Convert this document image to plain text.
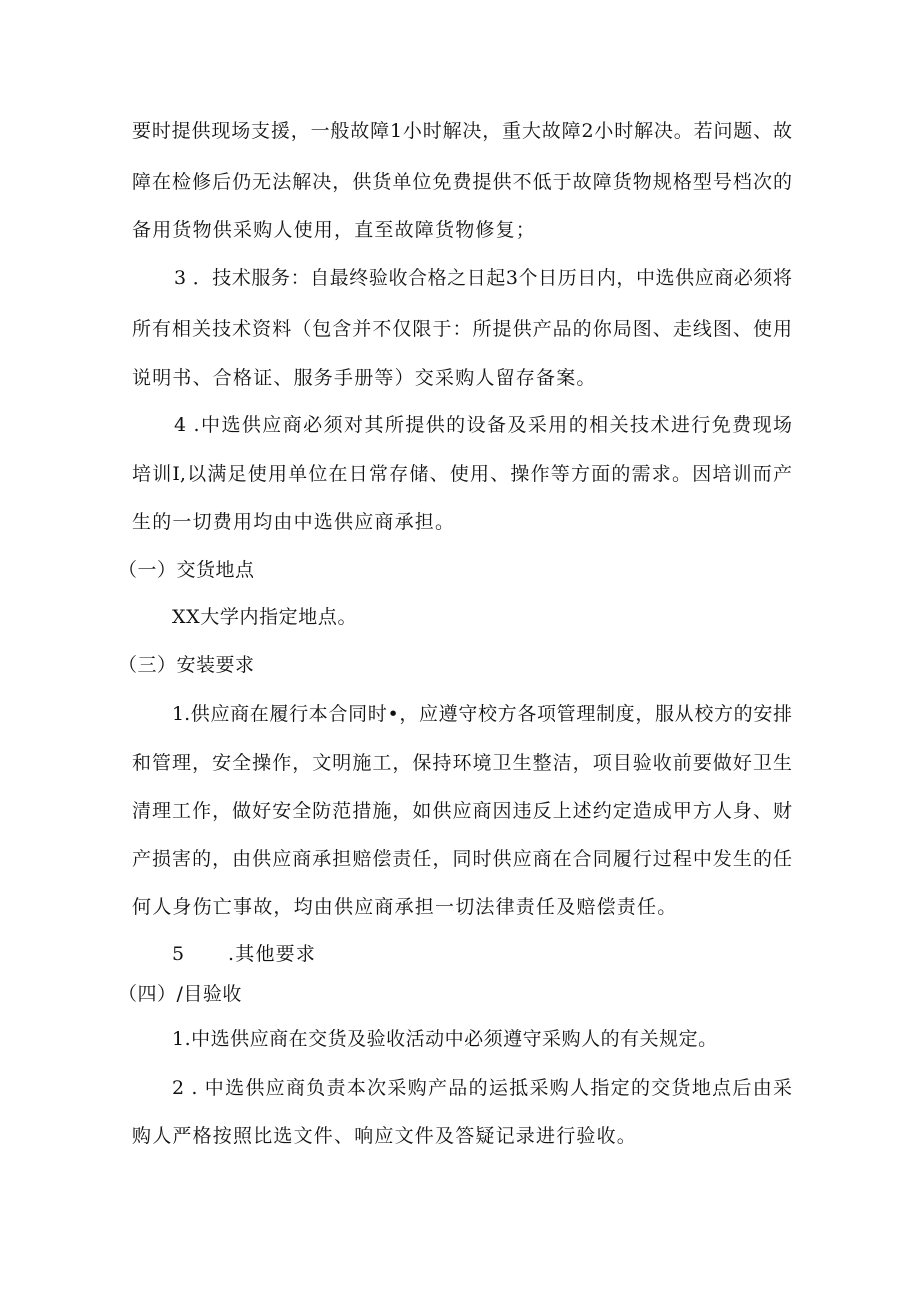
要时提供现场支援，一般故障1小时解决，重大故障2小时解决。若问题、故
障在检修后仍无法解决，供货单位免费提供不低于故障货物规格型号档次的
备用货物供采购人使用，直至故障货物修复；
3 ．技术服务：自最终验收合格之日起3个日历日内，中选供应商必须将
所有相关技术资料（包含并不仅限于：所提供产品的你局图、走线图、使用
说明书、合格证、服务手册等）交采购人留存备案。
4 .中选供应商必须对其所提供的设备及采用的相关技术进行免费现场
培训I,以满足使用单位在日常存储、使用、操作等方面的需求。因培训而产
生的一切费用均由中选供应商承担。
（一）交货地点
XX大学内指定地点。
（三）安装要求
1.供应商在履行本合同时•，应遵守校方各项管理制度，服从校方的安排
和管理，安全操作，文明施工，保持环境卫生整洁，项目验收前要做好卫生
清理工作，做好安全防范措施，如供应商因违反上述约定造成甲方人身、财
产损害的，由供应商承担赔偿责任，同时供应商在合同履行过程中发生的任
何人身伤亡事故，均由供应商承担一切法律责任及赔偿责任。
5 .其他要求
（四）/目验收
1.中选供应商在交货及验收活动中必须遵守采购人的有关规定。
2 . 中选供应商负责本次采购产品的运抵采购人指定的交货地点后由采
购人严格按照比选文件、响应文件及答疑记录进行验收。
